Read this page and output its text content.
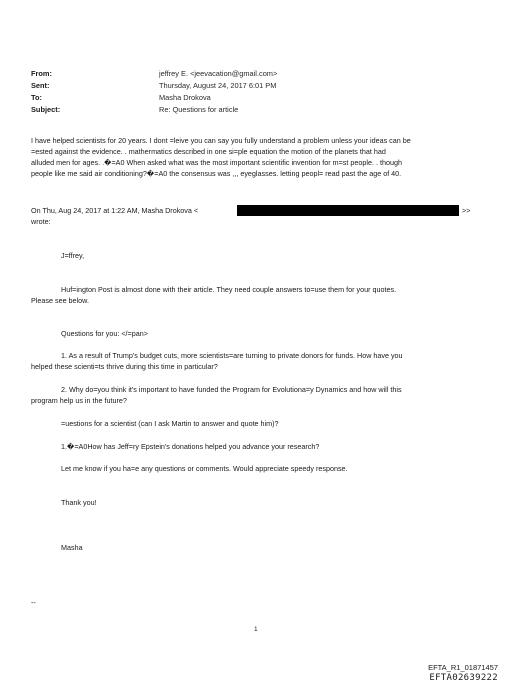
From:	jeffrey E. <jeevacation@gmail.com>
Sent:	Thursday, August 24, 2017 6:01 PM
To:	Masha Drokova
Subject:	Re: Questions for article
I have helped scientists for 20 years. I dont =leive you can say you fully understand a problem unless your ideas can be
=ested against the evidence. . mathermatics described in one si=ple equation the motion of the planets that had
alluded men for ages. .�=A0 When asked what was the most important scientific invention for m=st people. . though
people like me said air conditioning?�=A0 the consensus was ,,, eyeglasses. letting peopl= read past the age of 40.
On Thu, Aug 24, 2017 at 1:22 AM, Masha Drokova <	>>
wrote:
J=ffrey,
Huf=ington Post is almost done with their article. They need couple answers to=use them for your quotes.
Please see below.
Questions for you: </=pan>
1. As a result of Trump's budget cuts, more scientists=are turning to private donors for funds. How have you
helped these scienti=ts thrive during this time in particular?
2. Why do=you think it's important to have funded the Program for Evolutiona=y Dynamics and how will this
program help us in the future?
=uestions for a scientist (can I ask Martin to answer and quote him)?
1.�=A0How has Jeff=ry Epstein's donations helped you advance your research?
Let me know if you ha=e any questions or comments. Would appreciate speedy response.
Thank you!
Masha
--
1
EFTA_R1_01871457
EFTA02639222
